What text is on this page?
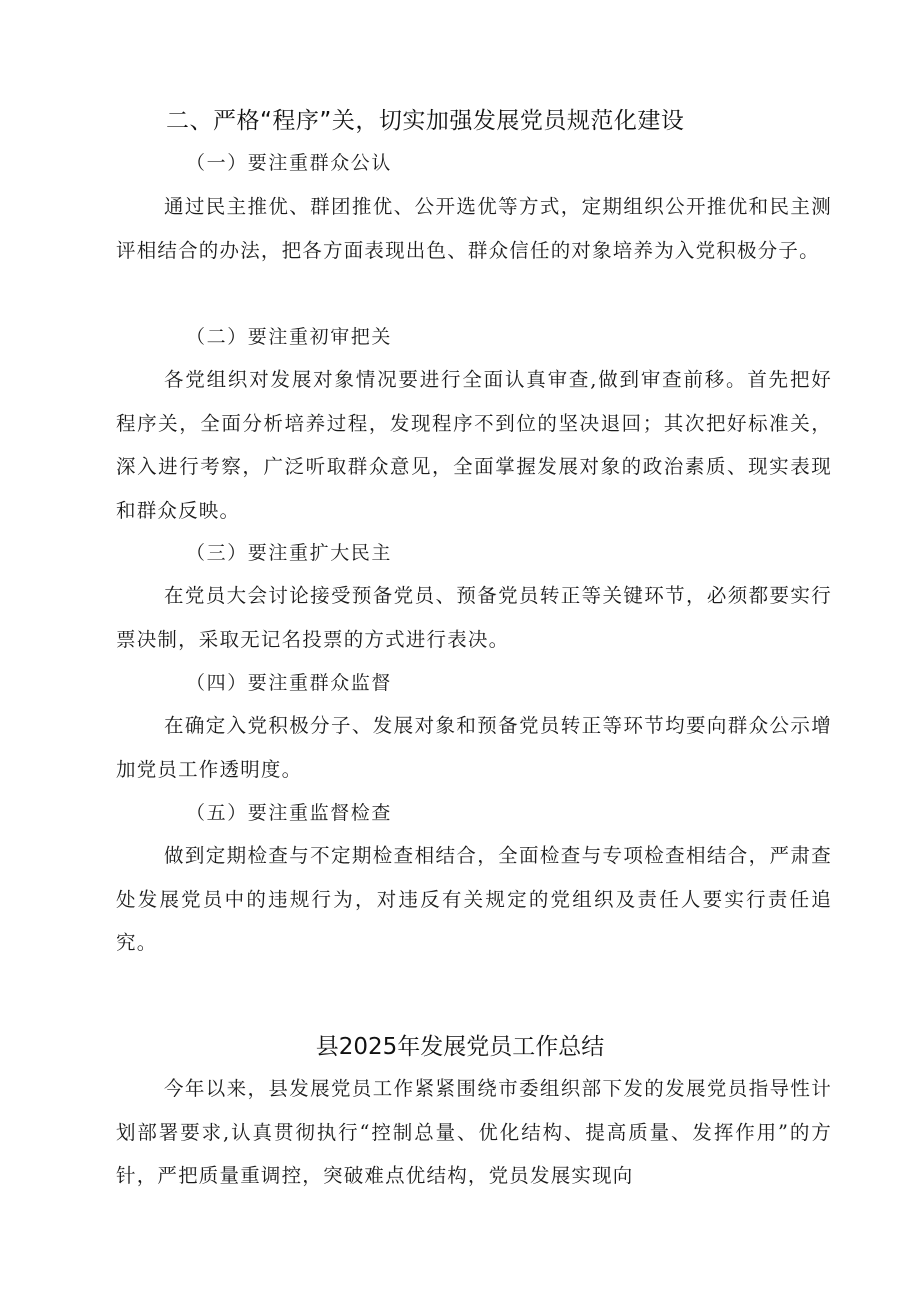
二、严格“程序”关，切实加强发展党员规范化建设
（一）要注重群众公认

通过民主推优、群团推优、公开选优等方式，定期组织公开推优和民主测评相结合的办法，把各方面表现出色、群众信任的对象培养为入党积极分子。

（二）要注重初审把关

各党组织对发展对象情况要进行全面认真审查,做到审查前移。首先把好程序关，全面分析培养过程，发现程序不到位的坚决退回；其次把好标准关，深入进行考察，广泛听取群众意见，全面掌握发展对象的政治素质、现实表现和群众反映。

（三）要注重扩大民主

在党员大会讨论接受预备党员、预备党员转正等关键环节，必须都要实行票决制，采取无记名投票的方式进行表决。

（四）要注重群众监督

在确定入党积极分子、发展对象和预备党员转正等环节均要向群众公示增加党员工作透明度。

（五）要注重监督检查

做到定期检查与不定期检查相结合，全面检查与专项检查相结合，严肃查处发展党员中的违规行为，对违反有关规定的党组织及责任人要实行责任追究。

县2025年发展党员工作总结

今年以来，县发展党员工作紧紧围绕市委组织部下发的发展党员指导性计划部署要求,认真贯彻执行“控制总量、优化结构、提高质量、发挥作用”的方针，严把质量重调控，突破难点优结构，党员发展实现向
